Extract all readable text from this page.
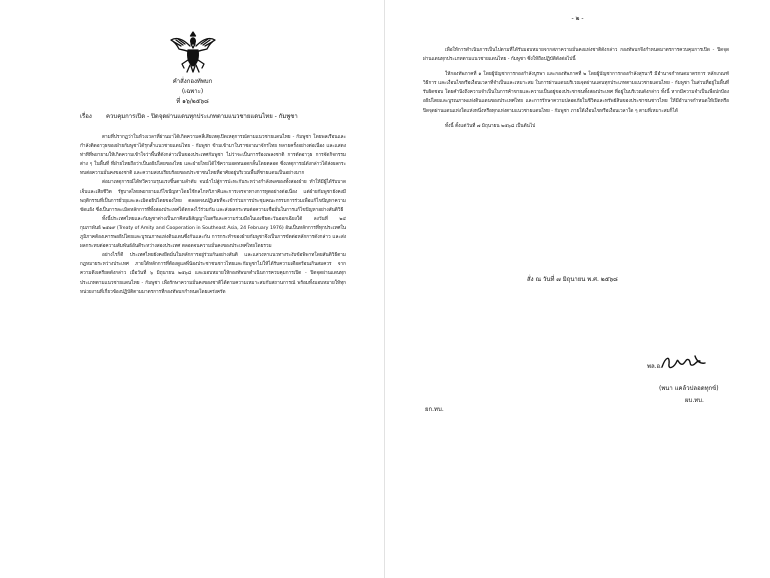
คำสั่งกองทัพบก
(เฉพาะ)
ที่ ๑๖/๒๕๖๘
เรื่อง ควบคุมการเปิด - ปิดจุดผ่านแดนทุกประเภทตามแนวชายแดนไทย - กัมพูชา

ตามที่ปรากฏว่าในห้วงเวลาที่ผ่านมาได้เกิดความคลี่เสียเหตุเปิดเหตุการณ์ตามแนวชายแดนไทย - กัมพูชา โดยพลเรือนและกำลังติดอาวุธของฝ่ายกัมพูชาได้รุกล้ำแนวชายแดนไทย - กัมพูชา ข้ามเข้ามาในราชอาณาจักรไทย หลายครั้งอย่างต่อเนื่อง และแสดงท่าทีที่พยายามให้เกิดความเข้าใจว่าพื้นที่ดังกล่าวเป็นของประเทศกัมพูชา ไม่ว่าจะเป็นการร้องเพลงชาติ การตัดอาวุธ การจัดกิจกรรมต่าง ๆ ในพื้นที่ ที่ฝ่ายไทยถือว่าเป็นอธิปไตยของไทย และฝ่ายไทยได้ใช้ความอดทนอดกลั้นโดยตลอด ซึ่งเหตุการณ์ดังกล่าวได้ส่งผลกระทบต่อความมั่นคงของชาติ และความสงบเรียบร้อยของประชาชนไทยที่อาศัยอยู่บริเวณพื้นที่ชายแดนเป็นอย่างมาก

ต่อมาเหตุการณ์ได้ทวีความรุนแรงขึ้นตามลำดับ จนนำไปสู่การปะทะกันระหว่างกำลังพลของทั้งสองฝ่าย ทำให้มีผู้ได้รับบาดเจ็บและเสียชีวิต รัฐบาลไทยพยายามแก้ไขปัญหาโดยใช้กลไกทวิภาคีและการเจรจาทางการทูตอย่างต่อเนื่อง แต่ฝ่ายกัมพูชายังคงมีพฤติกรรมที่เป็นการยั่วยุและละเมิดอธิปไตยของไทย ตลอดจนปฏิเสธที่จะเข้าร่วมการประชุมคณะกรรมการร่วมเพื่อแก้ไขปัญหาความขัดแย้ง ซึ่งเป็นการละเมิดหลักการที่ทั้งสองประเทศได้ตกลงไว้ร่วมกัน และส่งผลกระทบต่อความเชื่อมั่นในการแก้ไขปัญหาอย่างสันติวิธี

ทั้งนี้ประเทศไทยและกัมพูชาต่างเป็นภาคีสนธิสัญญาไมตรีและความร่วมมือในเอเชียตะวันออกเฉียงใต้ ลงวันที่ ๒๔ กุมภาพันธ์ ๒๕๑๙ (Treaty of Amity and Cooperation in Southeast Asia, 24 February 1976) อันเป็นหลักการที่ทุกประเทศในภูมิภาคต้องเคารพอธิปไตยและบูรณภาพแห่งดินแดนซึ่งกันและกัน การกระทำของฝ่ายกัมพูชาจึงเป็นการขัดต่อหลักการดังกล่าว และส่งผลกระทบต่อความสัมพันธ์อันดีระหว่างสองประเทศ ตลอดจนความมั่นคงของประเทศไทยโดยรวม

อย่างไรก็ดี ประเทศไทยยังคงยึดมั่นในหลักการอยู่ร่วมกันอย่างสันติ และแสวงหาแนวทางระงับข้อพิพาทโดยสันติวิธีตามกฎหมายระหว่างประเทศ ภายใต้หลักการที่ต้องดูแลพี่น้องประชาชนชาวไทยและกัมพูชาไม่ให้ได้รับความเดือดร้อนเกินสมควร จากความตึงเครียดดังกล่าว เมื่อวันที่ ๖ มิถุนายน ๒๕๖๘ และมอบหมายให้กองทัพบกดำเนินการควบคุมการเปิด - ปิดจุดผ่านแดนทุกประเภทตามแนวชายแดนไทย - กัมพูชา เพื่อรักษาความมั่นคงของชาติได้ตามความเหมาะสมกับสถานการณ์ พร้อมทั้งมอบหมายให้ทุกหน่วยงานที่เกี่ยวข้องปฏิบัติตามมาตรการที่กองทัพบกกำหนดโดยเคร่งครัด

- ๒ -

เพื่อให้การดำเนินการเป็นไปตามที่ได้รับมอบหมายจากสภาความมั่นคงแห่งชาติดังกล่าว กองทัพบกจึงกำหนดมาตรการควบคุมการเปิด - ปิดจุดผ่านแดนทุกประเภทตามแนวชายแดนไทย - กัมพูชา ซึ่งให้ถือปฏิบัติดังต่อไปนี้

ให้กองทัพภาคที่ ๑ โดยผู้บัญชาการกองกำลังบูรพา และกองทัพภาคที่ ๒ โดยผู้บัญชาการกองกำลังสุรนารี มีอำนาจกำหนดมาตรการ หลักเกณฑ์ วิธีการ และเงื่อนไขหรือเงื่อนเวลาที่จำเป็นและเหมาะสม ในการผ่านแดนบริเวณจุดผ่านแดนทุกประเภทตามแนวชายแดนไทย - กัมพูชา ในส่วนที่อยู่ในพื้นที่รับผิดชอบ โดยคำนึงถึงความจำเป็นในการค้าขายและความเป็นอยู่ของประชาชนทั้งสองประเทศ ที่อยู่ในบริเวณดังกล่าว ทั้งนี้ หากมีความจำเป็นเพื่อปกป้องอธิปไตยและบูรณภาพแห่งดินแดนของประเทศไทย และการรักษาความปลอดภัยในชีวิตและทรัพย์สินของประชาชนชาวไทย ให้มีอำนาจกำหนดให้เปิดหรือปิดจุดผ่านแดนแห่งใดแห่งหนึ่งหรือทุกแห่งตามแนวชายแดนไทย - กัมพูชา ภายใต้เงื่อนไขหรือเงื่อนเวลาใด ๆ ตามที่เหมาะสมก็ได้

ทั้งนี้ ตั้งแต่วันที่ ๗ มิถุนายน ๒๕๖๘ เป็นต้นไป

สั่ง ณ วันที่ ๗ มิถุนายน พ.ศ. ๒๕๖๘
พล.อ.
(พนา แคล้วปลอดทุกข์)
ผบ.ทบ.
ยก.ทบ.
